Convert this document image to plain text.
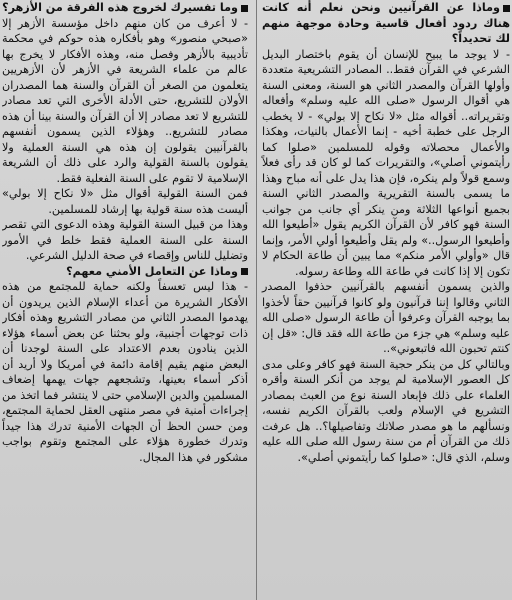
وماذا عن القرآنيين ونحن نعلم أنه كانت هناك ردود أفعال قاسية وحادة موجهة منهم لك تحديداً؟

- لا يوجد ما يبيح للإنسان أن يقوم باختصار البديل الشرعي في القرآن فقط.. المصادر التشريعية متعددة وأولها القرآن والمصدر الثاني هو السنة، ومعنى السنة هي أقوال الرسول «صلى الله عليه وسلم» وأفعاله وتقريراته.. أقواله مثل «لا نكاح إلا بولي» - لا يخطب الرجل على خطبة أخيه - إنما الأعمال بالنيات، وهكذا والأعمال محصلاته وقوله للمسلمين «صلوا كما رأيتموني أصلي»، والتقريرات كما لو كان قد رأى فعلاً وسمع قولاً ولم ينكره، فإن هذا يدل على أنه مباح وهذا ما يسمى بالسنة التقريرية والمصدر الثاني السنة بجميع أنواعها الثلاثة ومن ينكر أي جانب من جوانب السنة فهو كافر لأن القرآن الكريم يقول «أطيعوا الله وأطيعوا الرسول..» ولم يقل وأطيعوا أولي الأمر، وإنما قال «وأولي الأمر منكم» مما يبين أن طاعة الحكام لا تكون إلا إذا كانت في طاعة الله وطاعة رسوله.

والذين يسمون أنفسهم بالقرآنيين حذفوا المصدر الثاني وقالوا إننا قرآنيون ولو كانوا قرآنيين حقاً لأخذوا بما يوجبه القرآن وعرفوا أن طاعة الرسول «صلى الله عليه وسلم» هي جزء من طاعة الله فقد قال: «قل إن كنتم تحبون الله فاتبعوني»..

وبالتالي كل من ينكر حجية السنة فهو كافر وعلى مدى كل العصور الإسلامية لم يوجد من أنكر السنة وأقره العلماء على ذلك فإبعاد السنة نوع من العبث بمصادر التشريع في الإسلام ولعب بالقرآن الكريم نفسه، ونسألهم ما هو مصدر صلاتك وتفاصيلها؟.. هل عرفت ذلك من القرآن أم من سنة رسول الله صلى الله عليه وسلم، الذي قال: «صلوا كما رأيتموني أصلي».

وما تفسيرك لخروج هذه الفرقة من الأزهر؟

- لا أعرف من كان منهم داخل مؤسسة الأزهر إلا «صبحي منصور» وهو بأفكاره هذه حوكم في محكمة تأديبية بالأزهر وفصل منه، وهذه الأفكار لا يخرج بها عالم من علماء الشريعة في الأزهر لأن الأزهريين يتعلمون من الصغر أن القرآن والسنة هما المصدران الأولان للتشريع، حتى الأدلة الأخرى التي تعد مصادر للتشريع لا تعد مصادر إلا أن القرآن والسنة بينا أن هذه مصادر للتشريع.. وهؤلاء الذين يسمون أنفسهم بالقرآنيين يقولون إن هذه هي السنة العملية ولا يقولون بالسنة القولية والرد على ذلك أن الشريعة الإسلامية لا تقوم على السنة الفعلية فقط.

فمن السنة القولية أقوال مثل «لا نكاح إلا بولي» أليست هذه سنة قولية بها إرشاد للمسلمين.

وهذا من قبيل السنة القولية وهذه الدعوى التي تقصر السنة على السنة العملية فقط خلط في الأمور وتضليل للناس وإقصاء في صحة الدليل الشرعي.

وماذا عن التعامل الأمني معهم؟

- هذا ليس تعسفاً ولكنه حماية للمجتمع من هذه الأفكار الشريرة من أعداء الإسلام الذين يريدون أن يهدموا المصدر الثاني من مصادر التشريع وهذه أفكار ذات توجهات أجنبية، ولو بحثنا عن بعض أسماء هؤلاء الذين ينادون بعدم الاعتداد على السنة لوجدنا أن البعض منهم يقيم إقامة دائمة في أمريكا ولا أريد أن أذكر أسماء بعينها، وتشجعهم جهات يهمها إضعاف المسلمين والدين الإسلامي حتى لا ينتشر فما اتخذ من إجراءات أمنية في مصر منتهى العقل لحماية المجتمع، ومن حسن الحظ أن الجهات الأمنية تدرك هذا جيداً وتدرك خطورة هؤلاء على المجتمع وتقوم بواجب مشكور في هذا المجال.
